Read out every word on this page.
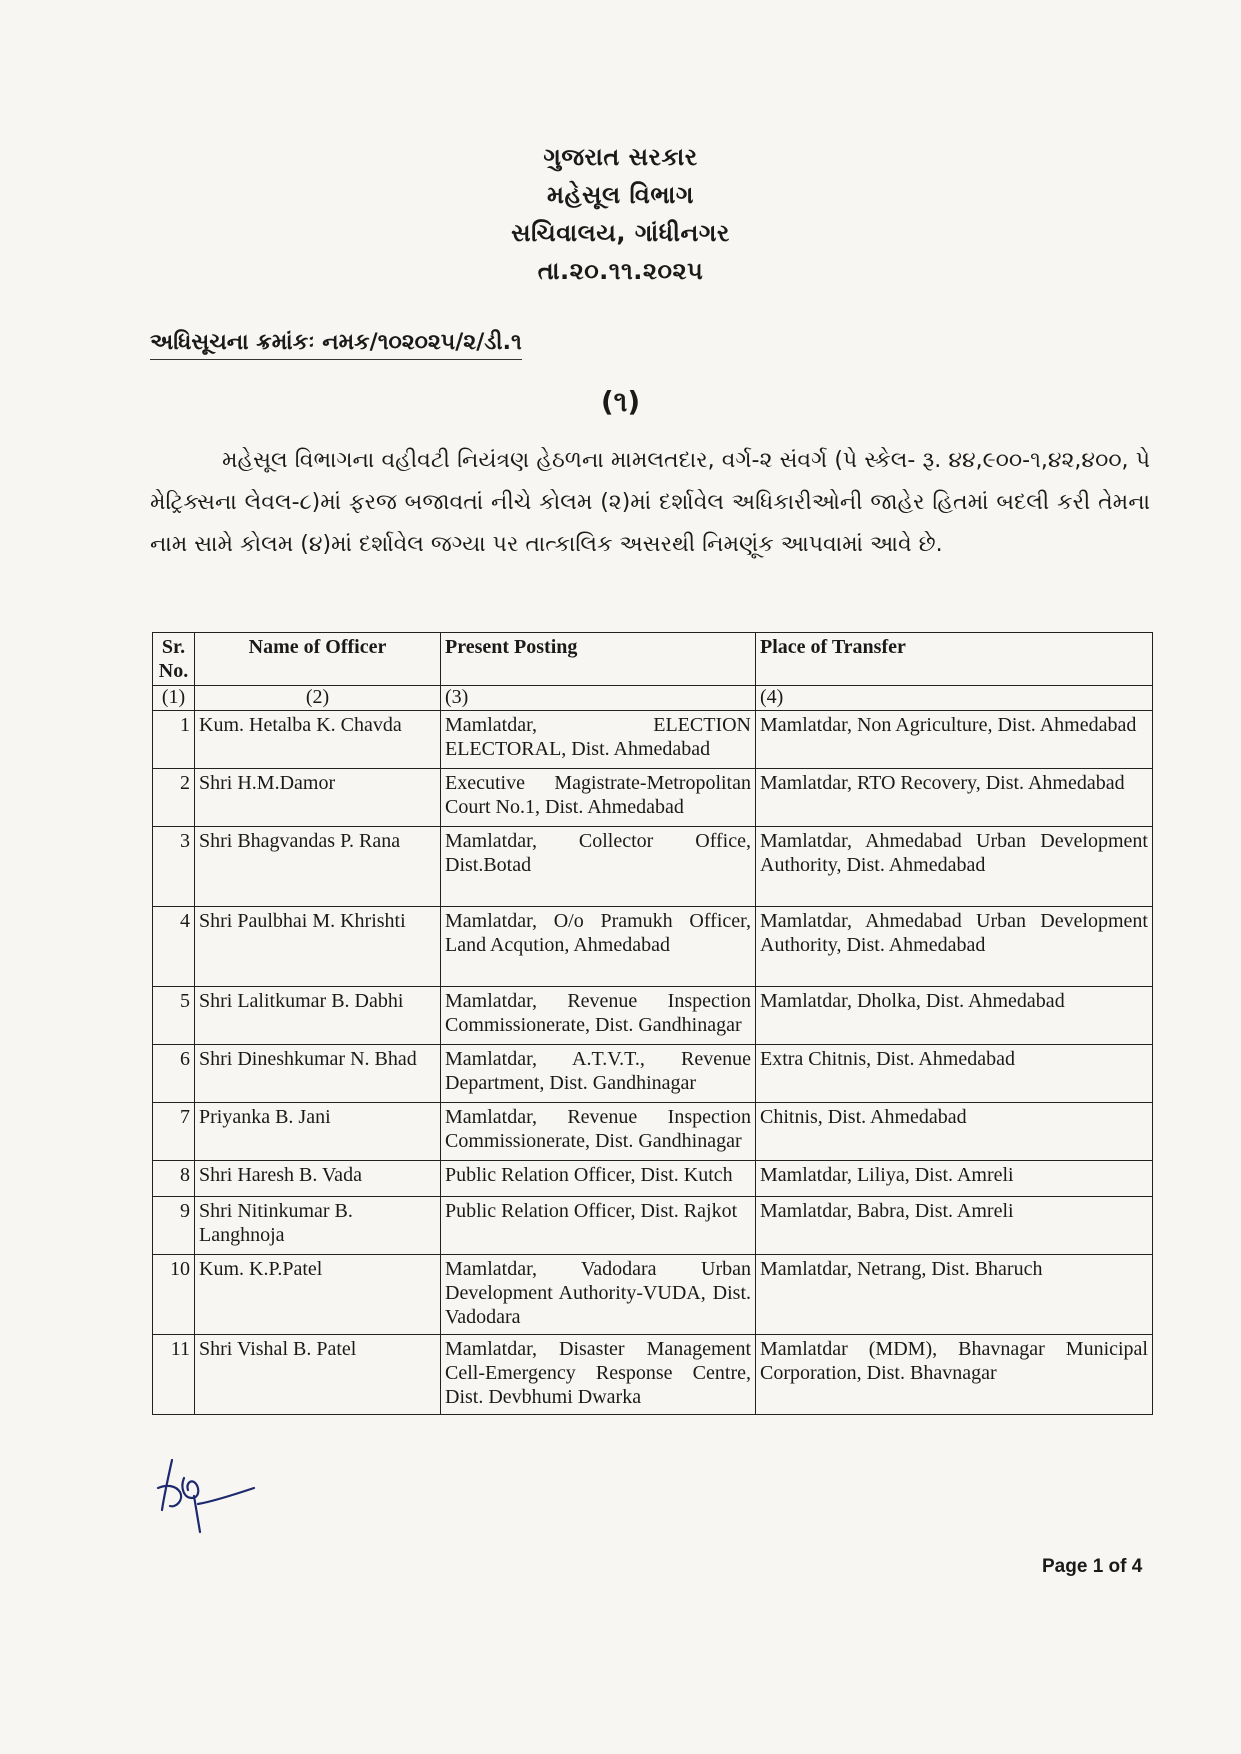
ગુજરાત સરકાર
મહેસૂલ વિભાગ
સચિવાલય, ગાંધીનગર
તા.૨૦.૧૧.૨૦૨૫
અધિસૂચના ક્રમાંકઃ નમક/૧૦૨૦૨૫/૨/ડી.૧
(૧)
મહેસૂલ વિભાગના વહીવટી નિયંત્રણ હેઠળના મામલતદાર, વર્ગ-૨ સંવર્ગ (પે સ્કેલ- રૂ. ૪૪,૯૦૦-૧,૪૨,૪૦૦, પે મેટ્રિક્સના લેવલ-૮)માં ફરજ બજાવતાં નીચે કોલમ (૨)માં દર્શાવેલ અધિકારીઓની જાહેર હિતમાં બદલી કરી તેમના નામ સામે કોલમ (૪)માં દર્શાવેલ જગ્યા પર તાત્કાલિક અસરથી નિમણૂંક આપવામાં આવે છે.
Sr. No.	Name of Officer	Present Posting	Place of Transfer
(1)	(2)	(3)	(4)
1	Kum. Hetalba K. Chavda	Mamlatdar, ELECTION ELECTORAL, Dist. Ahmedabad	Mamlatdar, Non Agriculture, Dist. Ahmedabad
2	Shri H.M.Damor	Executive Magistrate-Metropolitan Court No.1, Dist. Ahmedabad	Mamlatdar, RTO Recovery, Dist. Ahmedabad
3	Shri Bhagvandas P. Rana	Mamlatdar, Collector Office, Dist.Botad	Mamlatdar, Ahmedabad Urban Development Authority, Dist. Ahmedabad
4	Shri Paulbhai M. Khrishti	Mamlatdar, O/o Pramukh Officer, Land Acqution, Ahmedabad	Mamlatdar, Ahmedabad Urban Development Authority, Dist. Ahmedabad
5	Shri Lalitkumar B. Dabhi	Mamlatdar, Revenue Inspection Commissionerate, Dist. Gandhinagar	Mamlatdar, Dholka, Dist. Ahmedabad
6	Shri Dineshkumar N. Bhad	Mamlatdar, A.T.V.T., Revenue Department, Dist. Gandhinagar	Extra Chitnis, Dist. Ahmedabad
7	Priyanka B. Jani	Mamlatdar, Revenue Inspection Commissionerate, Dist. Gandhinagar	Chitnis, Dist. Ahmedabad
8	Shri Haresh B. Vada	Public Relation Officer, Dist. Kutch	Mamlatdar, Liliya, Dist. Amreli
9	Shri Nitinkumar B. Langhnoja	Public Relation Officer, Dist. Rajkot	Mamlatdar, Babra, Dist. Amreli
10	Kum. K.P.Patel	Mamlatdar, Vadodara Urban Development Authority-VUDA, Dist. Vadodara	Mamlatdar, Netrang, Dist. Bharuch
11	Shri Vishal B. Patel	Mamlatdar, Disaster Management Cell-Emergency Response Centre, Dist. Devbhumi Dwarka	Mamlatdar (MDM), Bhavnagar Municipal Corporation, Dist. Bhavnagar
Page 1 of 4
